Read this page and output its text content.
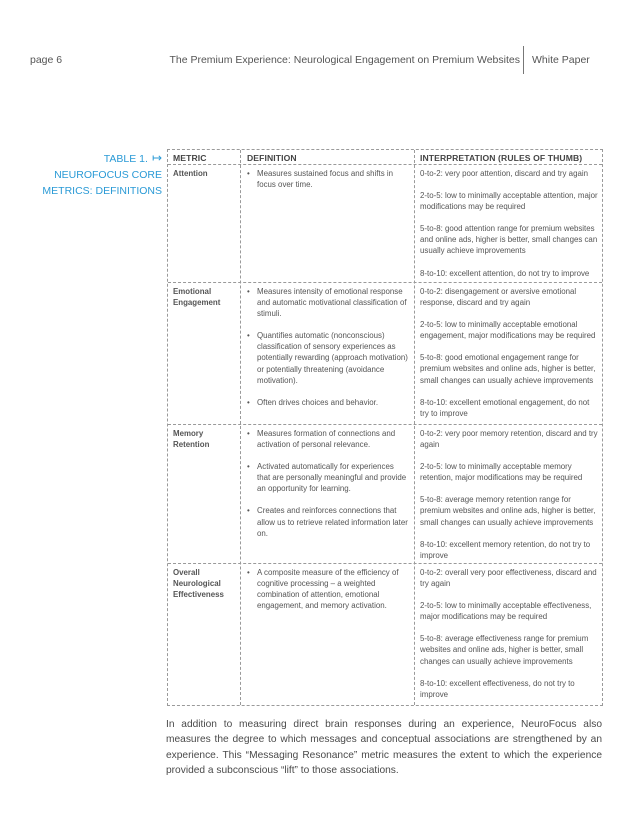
page 6	The Premium Experience: Neurological Engagement on Premium Websites White Paper
TABLE 1. ↦
NEUROFOCUS CORE
METRICS: DEFINITIONS
METRIC	DEFINITION	INTERPRETATION (RULES OF THUMB)
Attention
•	Measures sustained focus and shifts in focus over time.
0-to-2: very poor attention, discard and try again
2-to-5: low to minimally acceptable attention, major modifications may be required
5-to-8: good attention range for premium websites and online ads, higher is better, small changes can usually achieve improvements
8-to-10: excellent attention, do not try to improve
Emotional
Engagement
• Measures intensity of emotional response and automatic motivational classification of stimuli.
• Quantifies automatic (nonconscious) classification of sensory experiences as potentially rewarding (approach motivation) or potentially threatening (avoidance motivation).
• Often drives choices and behavior.
0-to-2: disengagement or aversive emotional response, discard and try again
2-to-5: low to minimally acceptable emotional engagement, major modifications may be required
5-to-8: good emotional engagement range for premium websites and online ads, higher is better, small changes can usually achieve improvements
8-to-10: excellent emotional engagement, do not try to improve
Memory
Retention
• Measures formation of connections and activation of personal relevance.
• Activated automatically for experiences that are personally meaningful and provide an opportunity for learning.
• Creates and reinforces connections that allow us to retrieve related information later on.
0-to-2: very poor memory retention, discard and try again
2-to-5: low to minimally acceptable memory retention, major modifications may be required
5-to-8: average memory retention range for premium websites and online ads, higher is better, small changes can usually achieve improvements
8-to-10: excellent memory retention, do not try to improve
Overall
Neurological
Effectiveness
• A composite measure of the efficiency of cognitive processing – a weighted combination of attention, emotional engagement, and memory activation.
0-to-2: overall very poor effectiveness, discard and try again
2-to-5: low to minimally acceptable effectiveness, major modifications may be required
5-to-8: average effectiveness range for premium websites and online ads, higher is better, small changes can usually achieve improvements
8-to-10: excellent effectiveness, do not try to improve
In addition to measuring direct brain responses during an experience, NeuroFocus also measures the degree to which messages and conceptual associations are strengthened by an experience. This “Messaging Resonance” metric measures the extent to which the experience provided a subconscious “lift” to those associations.
